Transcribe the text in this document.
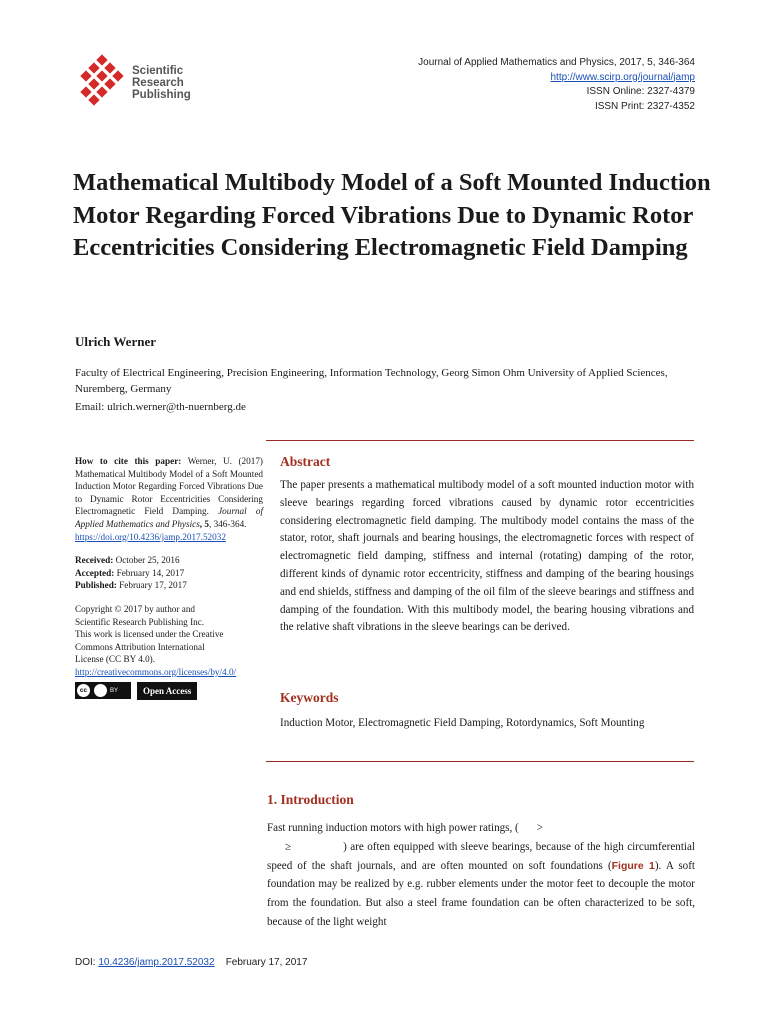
Scientific
Research
Publishing
Journal of Applied Mathematics and Physics, 2017, 5, 346-364
http://www.scirp.org/journal/jamp
ISSN Online: 2327-4379
ISSN Print: 2327-4352
Mathematical Multibody Model of a Soft Mounted Induction Motor Regarding Forced Vibrations Due to Dynamic Rotor Eccentricities Considering Electromagnetic Field Damping
Ulrich Werner
Faculty of Electrical Engineering, Precision Engineering, Information Technology, Georg Simon Ohm University of Applied Sciences, Nuremberg, Germany
Email: ulrich.werner@th-nuernberg.de

How to cite this paper: Werner, U. (2017) Mathematical Multibody Model of a Soft Mounted Induction Motor Regarding Forced Vibrations Due to Dynamic Rotor Eccentricities Considering Electromagnetic Field Damping. Journal of Applied Mathematics and Physics, 5, 346-364.
https://doi.org/10.4236/jamp.2017.52032

Received: October 25, 2016

Accepted: February 14, 2017

Published: February 17, 2017

Copyright © 2017 by author and

Scientific Research Publishing Inc.

This work is licensed under the Creative

Commons Attribution International

License (CC BY 4.0).

http://creativecommons.org/licenses/by/4.0/

cc	BY	Open Access
Abstract
The paper presents a mathematical multibody model of a soft mounted induction motor with sleeve bearings regarding forced vibrations caused by dynamic rotor eccentricities considering electromagnetic field damping. The multibody model contains the mass of the stator, rotor, shaft journals and bearing housings, the electromagnetic forces with respect of electromagnetic field damping, stiffness and internal (rotating) damping of the rotor, different kinds of dynamic rotor eccentricity, stiffness and damping of the bearing housings and end shields, stiffness and damping of the oil film of the sleeve bearings and stiffness and damping of the foundation. With this multibody model, the bearing housing vibrations and the relative shaft vibrations in the sleeve bearings can be derived.
Keywords
Induction Motor, Electromagnetic Field Damping, Rotordynamics, Soft Mounting
1. Introduction
Fast running induction motors with high power ratings, ( >
≥	) are often equipped with sleeve bearings, because of the high circumferential speed of the shaft journals, and are often mounted on soft foundations (Figure 1). A soft foundation may be realized by e.g. rubber elements under the motor feet to decouple the motor from the foundation. But also a steel frame foundation can be often characterized to be soft, because of the light weight
DOI: 10.4236/jamp.2017.52032 February 17, 2017
